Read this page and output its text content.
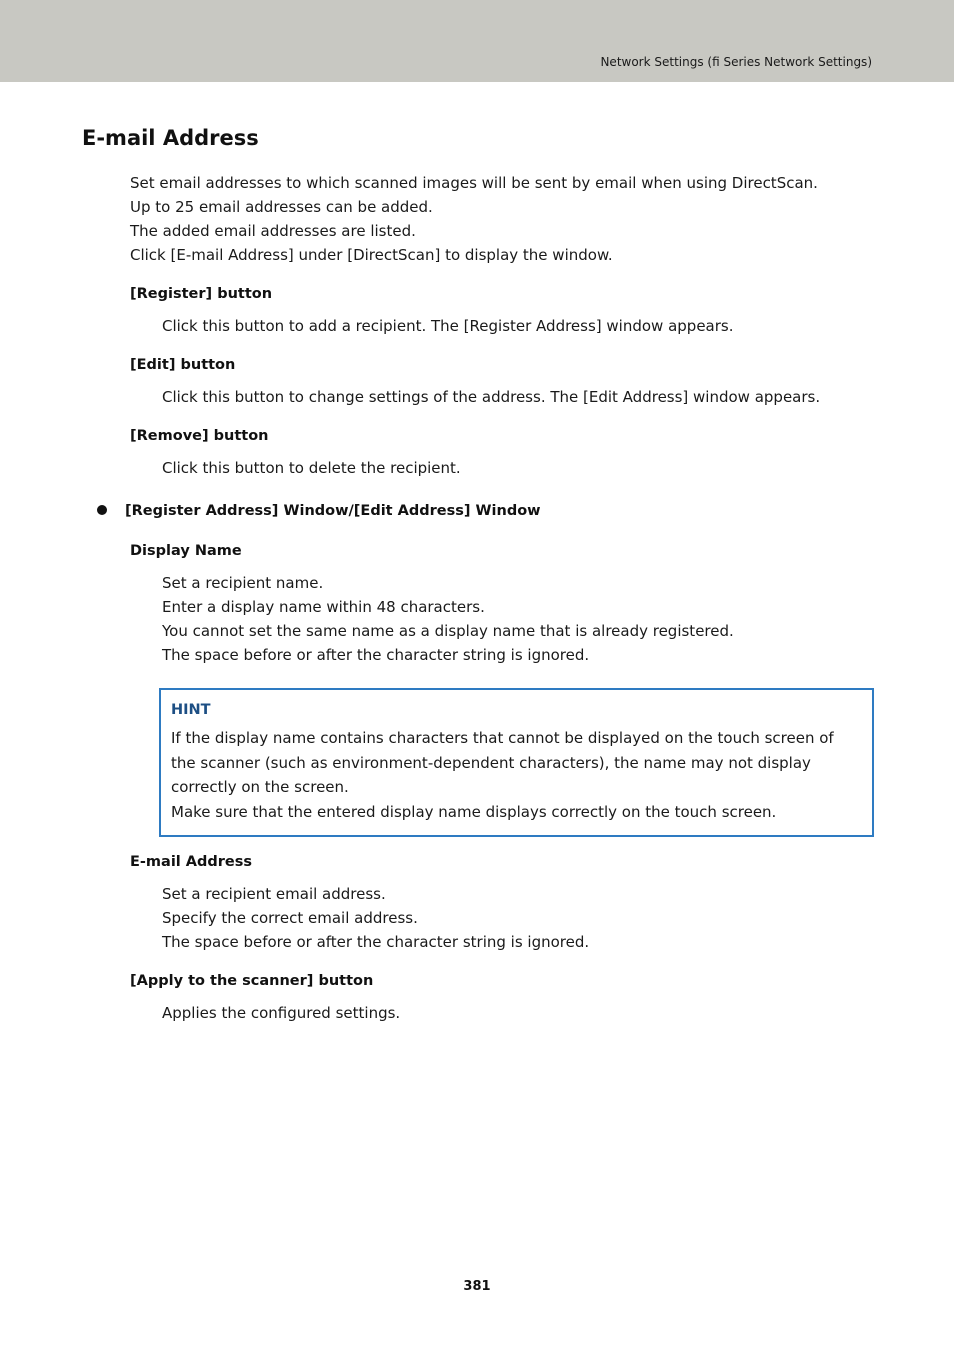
Network Settings (fi Series Network Settings)
E-mail Address
Set email addresses to which scanned images will be sent by email when using DirectScan.
Up to 25 email addresses can be added.
The added email addresses are listed.
Click [E-mail Address] under [DirectScan] to display the window.
[Register] button
Click this button to add a recipient. The [Register Address] window appears.
[Edit] button
Click this button to change settings of the address. The [Edit Address] window appears.
[Remove] button
Click this button to delete the recipient.
[Register Address] Window/[Edit Address] Window
Display Name
Set a recipient name.
Enter a display name within 48 characters.
You cannot set the same name as a display name that is already registered.
The space before or after the character string is ignored.
HINT

If the display name contains characters that cannot be displayed on the touch screen of the scanner (such as environment-dependent characters), the name may not display correctly on the screen.

Make sure that the entered display name displays correctly on the touch screen.

E-mail Address
Set a recipient email address.
Specify the correct email address.
The space before or after the character string is ignored.
[Apply to the scanner] button
Applies the configured settings.
381
